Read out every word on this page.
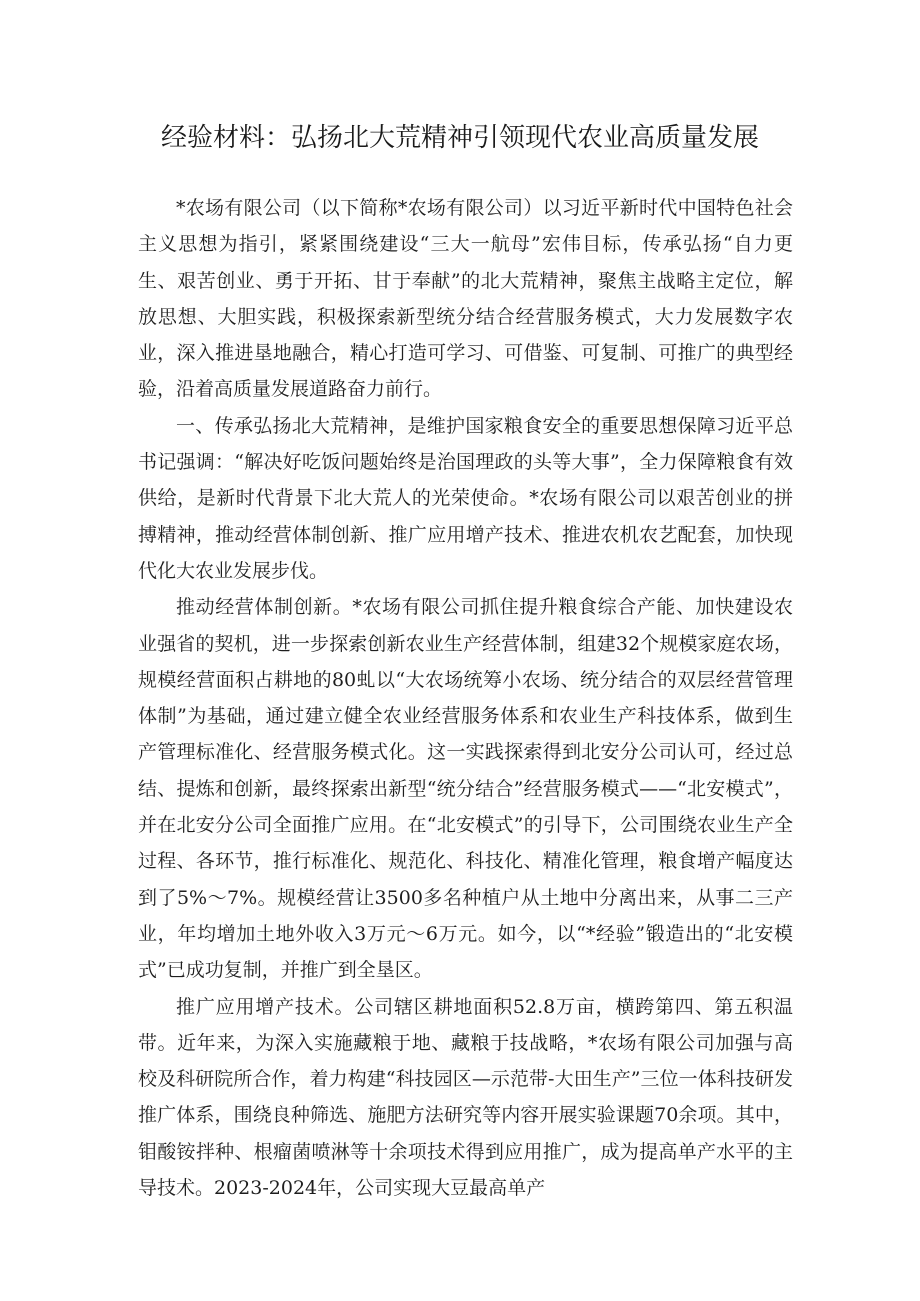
经验材料：弘扬北大荒精神引领现代农业高质量发展

*农场有限公司（以下简称*农场有限公司）以习近平新时代中国特色社会主义思想为指引，紧紧围绕建设“三大一航母”宏伟目标，传承弘扬“自力更生、艰苦创业、勇于开拓、甘于奉献”的北大荒精神，聚焦主战略主定位，解放思想、大胆实践，积极探索新型统分结合经营服务模式，大力发展数字农业，深入推进垦地融合，精心打造可学习、可借鉴、可复制、可推广的典型经验，沿着高质量发展道路奋力前行。

一、传承弘扬北大荒精神，是维护国家粮食安全的重要思想保障习近平总书记强调：“解决好吃饭问题始终是治国理政的头等大事”，全力保障粮食有效供给，是新时代背景下北大荒人的光荣使命。*农场有限公司以艰苦创业的拼搏精神，推动经营体制创新、推广应用增产技术、推进农机农艺配套，加快现代化大农业发展步伐。

推动经营体制创新。*农场有限公司抓住提升粮食综合产能、加快建设农业强省的契机，进一步探索创新农业生产经营体制，组建32个规模家庭农场，规模经营面积占耕地的80虬以“大农场统筹小农场、统分结合的双层经营管理体制”为基础，通过建立健全农业经营服务体系和农业生产科技体系，做到生产管理标准化、经营服务模式化。这一实践探索得到北安分公司认可，经过总结、提炼和创新，最终探索出新型“统分结合”经营服务模式——“北安模式”，并在北安分公司全面推广应用。在“北安模式”的引导下，公司围绕农业生产全过程、各环节，推行标准化、规范化、科技化、精准化管理，粮食增产幅度达到了5%～7%。规模经营让3500多名种植户从土地中分离出来，从事二三产业，年均增加土地外收入3万元～6万元。如今，以“*经验”锻造出的“北安模式”已成功复制，并推广到全垦区。

推广应用增产技术。公司辖区耕地面积52.8万亩，横跨第四、第五积温带。近年来，为深入实施藏粮于地、藏粮于技战略，*农场有限公司加强与高校及科研院所合作，着力构建“科技园区—示范带-大田生产”三位一体科技研发推广体系，围绕良种筛选、施肥方法研究等内容开展实验课题70余项。其中，钼酸铵拌种、根瘤菌喷淋等十余项技术得到应用推广，成为提高单产水平的主导技术。2023-2024年，公司实现大豆最高单产
